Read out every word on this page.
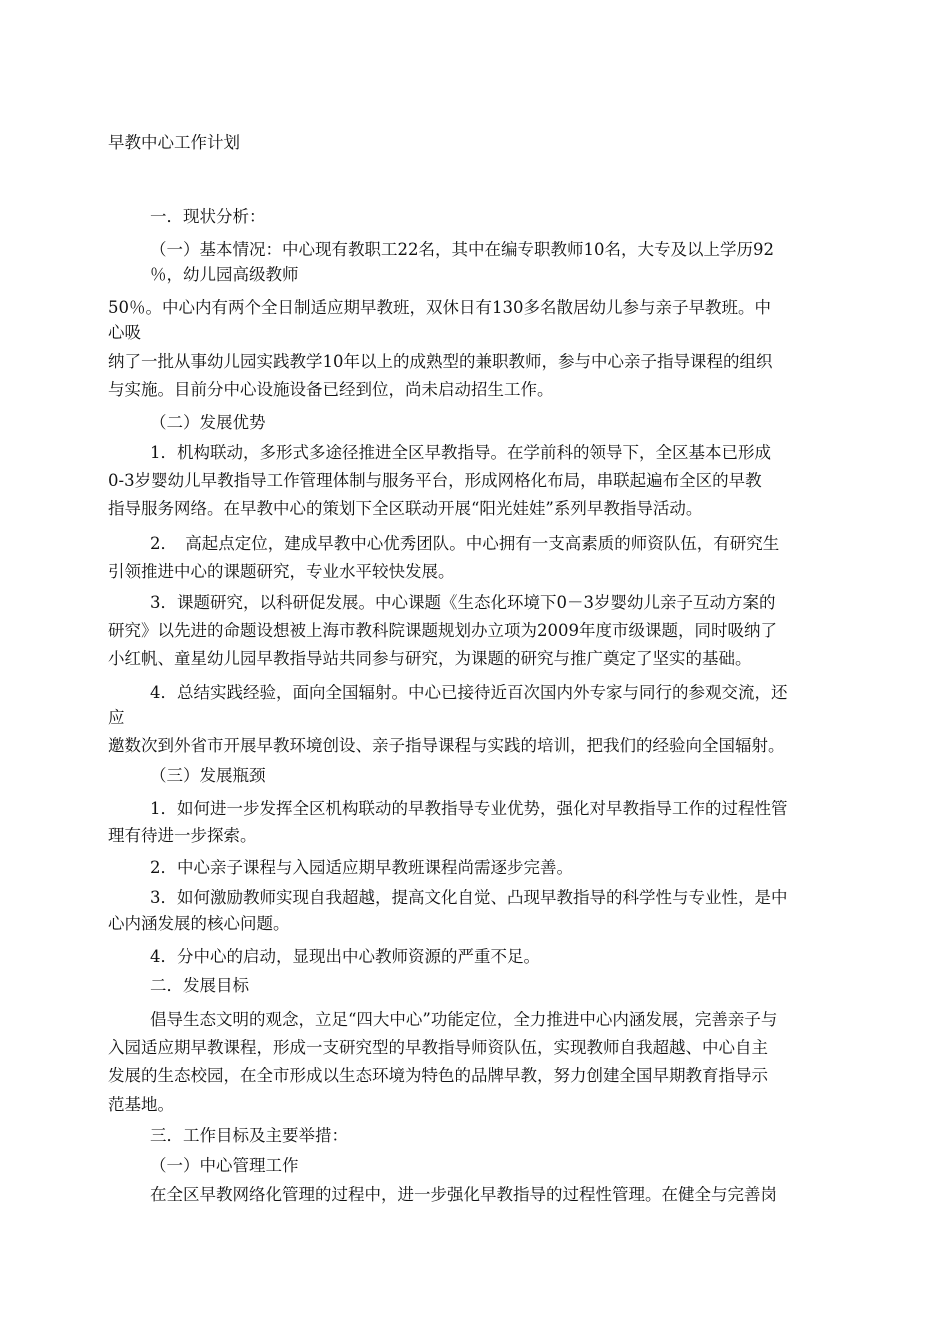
早教中心工作计划

一．现状分析：

（一）基本情况：中心现有教职工22名，其中在编专职教师10名，大专及以上学历92

％，幼儿园高级教师

50％。中心内有两个全日制适应期早教班，双休日有130多名散居幼儿参与亲子早教班。中

心吸

纳了一批从事幼儿园实践教学10年以上的成熟型的兼职教师，参与中心亲子指导课程的组织

与实施。目前分中心设施设备已经到位，尚未启动招生工作。

（二）发展优势

1．机构联动，多形式多途径推进全区早教指导。在学前科的领导下，全区基本已形成

0-3岁婴幼儿早教指导工作管理体制与服务平台，形成网格化布局，串联起遍布全区的早教

指导服务网络。在早教中心的策划下全区联动开展“阳光娃娃”系列早教指导活动。

2．　高起点定位，建成早教中心优秀团队。中心拥有一支高素质的师资队伍，有研究生

引领推进中心的课题研究，专业水平较快发展。

3．课题研究，以科研促发展。中心课题《生态化环境下0－3岁婴幼儿亲子互动方案的

研究》以先进的命题设想被上海市教科院课题规划办立项为2009年度市级课题，同时吸纳了

小红帆、童星幼儿园早教指导站共同参与研究，为课题的研究与推广奠定了坚实的基础。

4．总结实践经验，面向全国辐射。中心已接待近百次国内外专家与同行的参观交流，还

应

邀数次到外省市开展早教环境创设、亲子指导课程与实践的培训，把我们的经验向全国辐射。

（三）发展瓶颈

1．如何进一步发挥全区机构联动的早教指导专业优势，强化对早教指导工作的过程性管

理有待进一步探索。

2．中心亲子课程与入园适应期早教班课程尚需逐步完善。

3．如何激励教师实现自我超越，提高文化自觉、凸现早教指导的科学性与专业性，是中

心内涵发展的核心问题。

4．分中心的启动，显现出中心教师资源的严重不足。

二．发展目标

倡导生态文明的观念，立足“四大中心”功能定位，全力推进中心内涵发展，完善亲子与

入园适应期早教课程，形成一支研究型的早教指导师资队伍，实现教师自我超越、中心自主

发展的生态校园，在全市形成以生态环境为特色的品牌早教，努力创建全国早期教育指导示

范基地。

三．工作目标及主要举措：

（一）中心管理工作

在全区早教网络化管理的过程中，进一步强化早教指导的过程性管理。在健全与完善岗
